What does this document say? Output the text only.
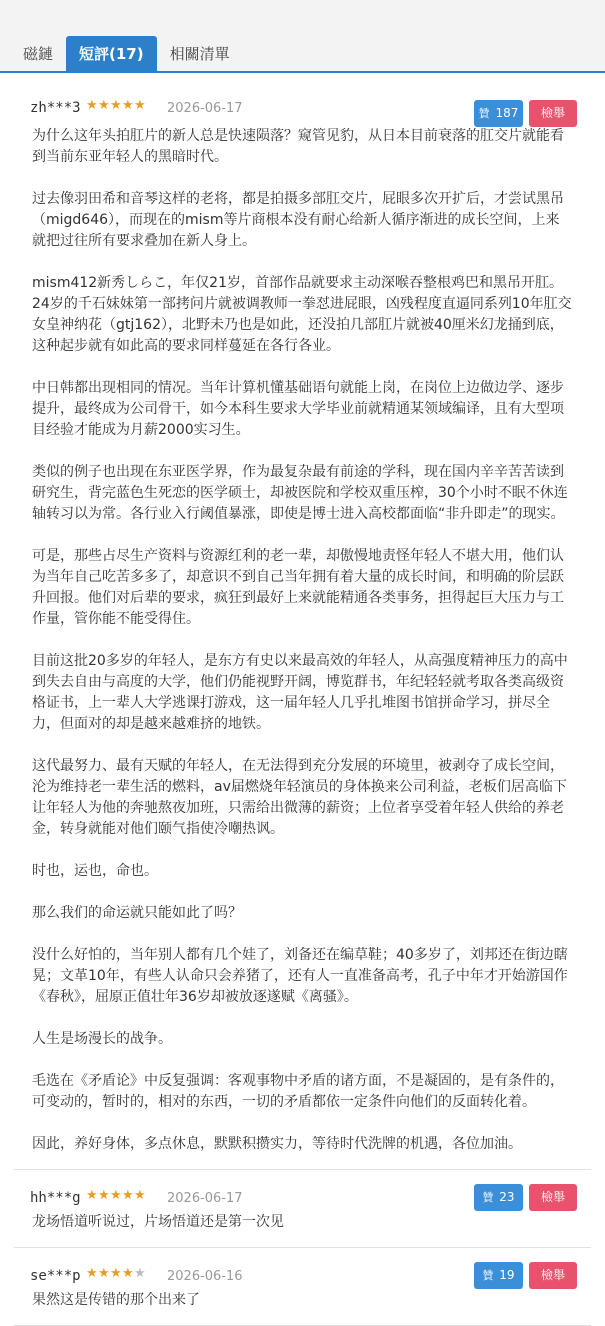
磁鏈	短評(17)	相關清單
zh***3 ★ ★ ★ ★ ★ 2026-06-17	贊 187	檢舉

为什么这年头拍肛片的新人总是快速陨落？窥管见豹，从日本目前衰落的肛交片就能看到当前东亚年轻人的黑暗时代。

过去像羽田希和音琴这样的老将，都是拍摄多部肛交片，屁眼多次开扩后，才尝试黑吊（migd646），而现在的mism等片商根本没有耐心给新人循序渐进的成长空间，上来就把过往所有要求叠加在新人身上。

mism412新秀しらこ，年仅21岁，首部作品就要求主动深喉吞整根鸡巴和黑吊开肛。24岁的千石妹妹第一部拷问片就被调教师一拳怼进屁眼，凶残程度直逼同系列10年肛交女皇神纳花（gtj162），北野未乃也是如此，还没拍几部肛片就被40厘米幻龙捅到底，这种起步就有如此高的要求同样蔓延在各行各业。

中日韩都出现相同的情况。当年计算机懂基础语句就能上岗，在岗位上边做边学、逐步提升，最终成为公司骨干，如今本科生要求大学毕业前就精通某领域编译，且有大型项目经验才能成为月薪2000实习生。

类似的例子也出现在东亚医学界，作为最复杂最有前途的学科，现在国内辛辛苦苦读到研究生，背完蓝色生死恋的医学硕士，却被医院和学校双重压榨，30个小时不眠不休连轴转习以为常。各行业入行阈值暴涨，即使是博士进入高校都面临“非升即走”的现实。

可是，那些占尽生产资料与资源红利的老一辈，却傲慢地责怪年轻人不堪大用，他们认为当年自己吃苦多多了，却意识不到自己当年拥有着大量的成长时间，和明确的阶层跃升回报。他们对后辈的要求，疯狂到最好上来就能精通各类事务，担得起巨大压力与工作量，管你能不能受得住。

目前这批20多岁的年轻人，是东方有史以来最高效的年轻人，从高强度精神压力的高中到失去自由与高度的大学，他们仍能视野开阔，博览群书，年纪轻轻就考取各类高级资格证书，上一辈人大学逃课打游戏，这一届年轻人几乎扎堆图书馆拼命学习，拼尽全力，但面对的却是越来越难挤的地铁。

这代最努力、最有天赋的年轻人，在无法得到充分发展的环境里，被剥夺了成长空间，沦为维持老一辈生活的燃料，av届燃烧年轻演员的身体换来公司利益，老板们居高临下让年轻人为他的奔驰熬夜加班，只需给出微薄的薪资；上位者享受着年轻人供给的养老金，转身就能对他们颐气指使冷嘲热讽。

时也，运也，命也。

那么我们的命运就只能如此了吗？

没什么好怕的，当年别人都有几个娃了，刘备还在编草鞋；40多岁了，刘邦还在街边瞎晃；文革10年，有些人认命只会养猪了，还有人一直准备高考，孔子中年才开始游国作《春秋》，屈原正值壮年36岁却被放逐遂赋《离骚》。

人生是场漫长的战争。

毛选在《矛盾论》中反复强调：客观事物中矛盾的诸方面，不是凝固的，是有条件的，可变动的，暂时的，相对的东西，一切的矛盾都依一定条件向他们的反面转化着。

因此，养好身体，多点休息，默默积攒实力，等待时代洗牌的机遇，各位加油。

hh***g ★ ★ ★ ★ ★ 2026-06-17	贊 23	檢舉
龙场悟道听说过，片场悟道还是第一次见
se***p ★ ★ ★ ★ ★ 2026-06-16	贊 19	檢舉
果然这是传错的那个出来了
